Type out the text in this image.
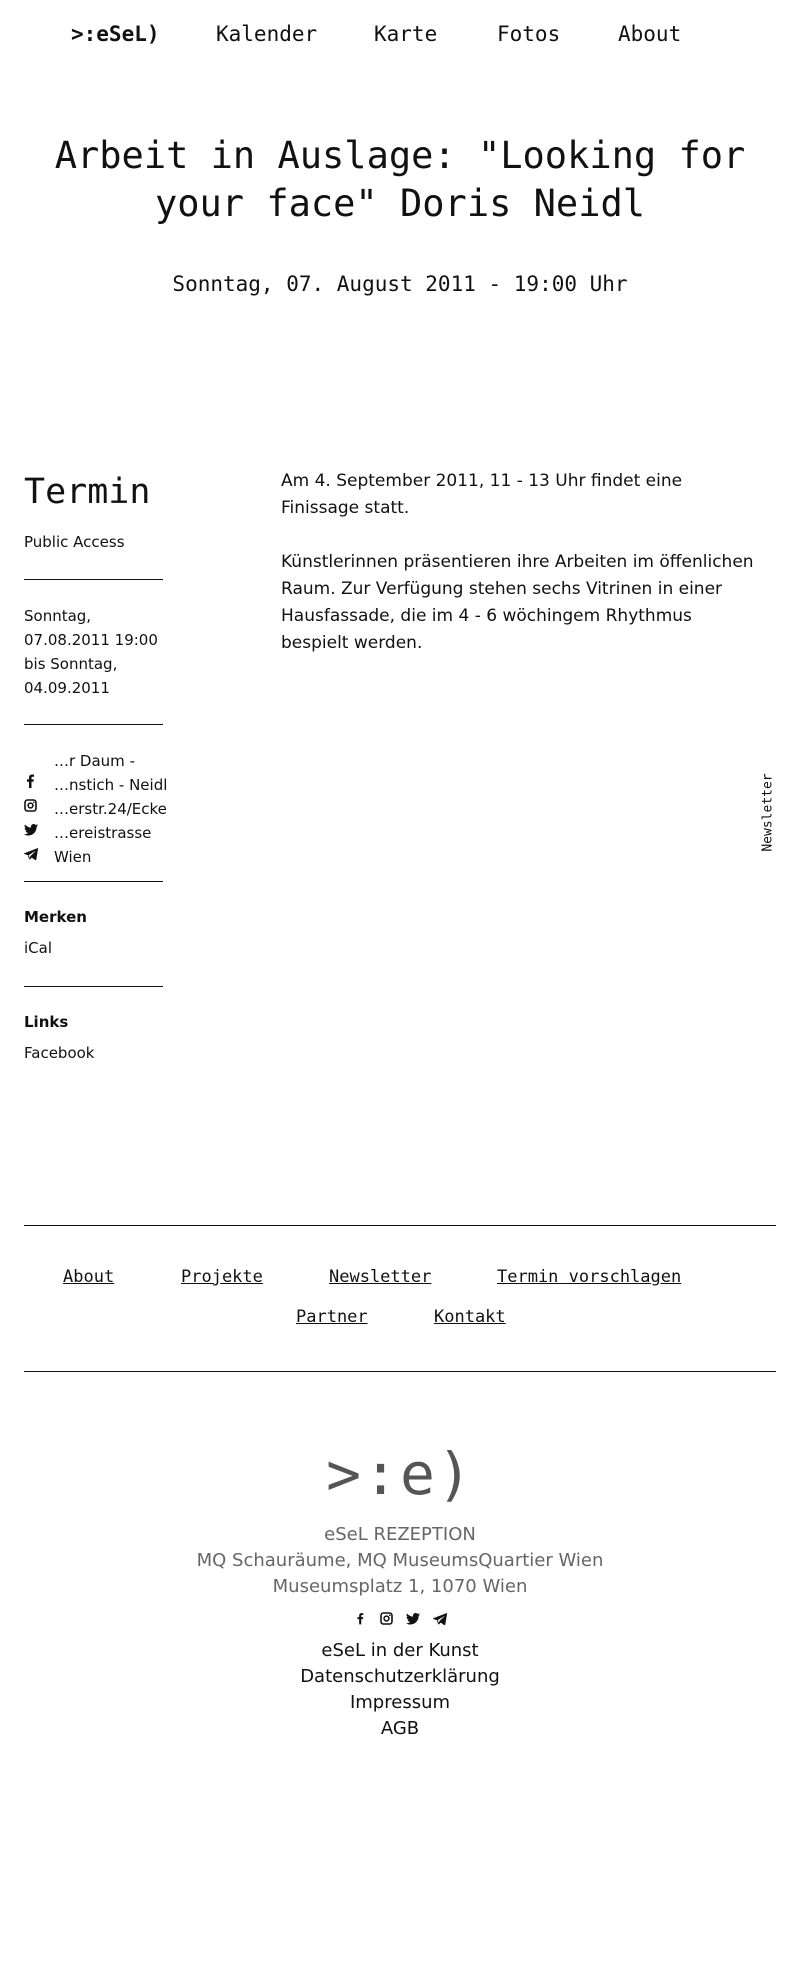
>:eSeL)	Kalender	Karte	Fotos	About
Arbeit in Auslage: "Looking for your face" Doris Neidl
Sonntag, 07. August 2011 - 19:00 Uhr
Termin
Public Access
Sonntag,
07.08.2011 19:00
bis Sonntag,
04.09.2011
…r Daum -
…nstich - Neidl
…erstr.24/Ecke
…ereistrasse
Wien
Merken
iCal
Links
Facebook

Am 4. September 2011, 11 - 13 Uhr findet eine Finissage statt.

Künstlerinnen präsentieren ihre Arbeiten im öffenlichen Raum. Zur Verfügung stehen sechs Vitrinen in einer Hausfassade, die im 4 - 6 wöchingem Rhythmus bespielt werden.

Newsletter
About	Projekte	Newsletter	Termin vorschlagen
Partner	Kontakt
>:e)
eSeL REZEPTION
MQ Schauräume, MQ MuseumsQuartier Wien
Museumsplatz 1, 1070 Wien

eSeL in der Kunst
Datenschutzerklärung
Impressum
AGB
